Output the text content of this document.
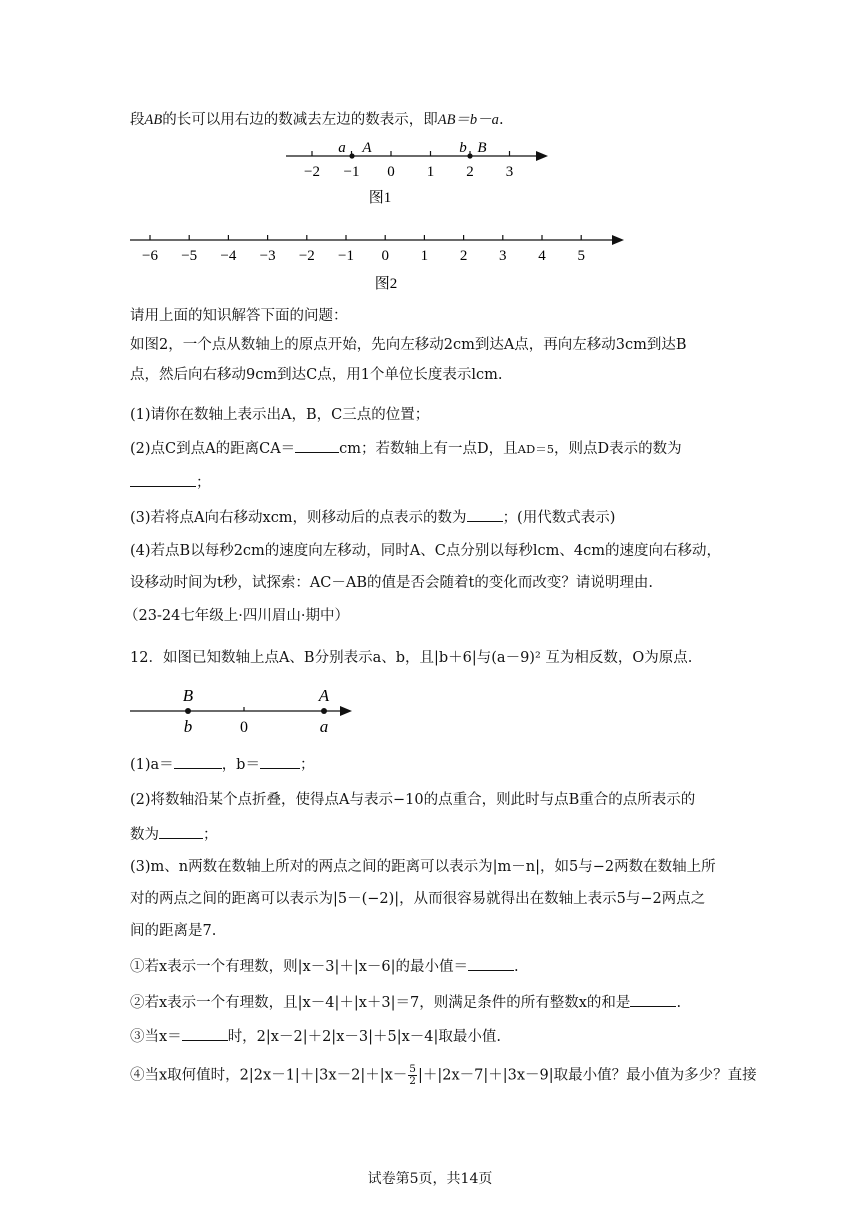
段AB的长可以用右边的数减去左边的数表示，即AB＝b－a.
−2 −1 0 1 2 3
a A	b B
图1
−6 −5 −4 −3 −2 −1 0 1 2 3 4 5
图2
请用上面的知识解答下面的问题：
如图2，一个点从数轴上的原点开始，先向左移动2cm到达A点，再向左移动3cm到达B
点，然后向右移动9cm到达C点，用1个单位长度表示lcm.
(1)请你在数轴上表示出A，B，C三点的位置；
(2)点C到点A的距离CA＝	cm；若数轴上有一点D，且AD＝5，则点D表示的数为
；
(3)若将点A向右移动xcm，则移动后的点表示的数为 ；(用代数式表示)
(4)若点B以每秒2cm的速度向左移动，同时A、C点分别以每秒lcm、4cm的速度向右移动，
设移动时间为t秒，试探索：AC－AB的值是否会随着t的变化而改变？请说明理由.
（23-24七年级上·四川眉山·期中）
12．如图已知数轴上点A、B分别表示a、b，且|b＋6|与(a－9)² 互为相反数，O为原点.
B	A
b	0	a
(1)a＝	，b＝	；
(2)将数轴沿某个点折叠，使得点A与表示−10的点重合，则此时与点B重合的点所表示的
数为	；
(3)m、n两数在数轴上所对的两点之间的距离可以表示为|m－n|，如5与−2两数在数轴上所
对的两点之间的距离可以表示为|5－(−2)|，从而很容易就得出在数轴上表示5与−2两点之
间的距离是7.
①若x表示一个有理数，则|x－3|＋|x－6|的最小值＝	.
②若x表示一个有理数，且|x－4|＋|x＋3|＝7，则满足条件的所有整数x的和是	.
③当x＝	时，2|x－2|＋2|x－3|＋5|x－4|取最小值.
④当x取何值时，$2|2x-1|+|3x-2|+|x- \frac{5}{2} |+|2x-7|+|3x-9|$取最小值？最小值为多少？直接
试卷第5页，共14页
